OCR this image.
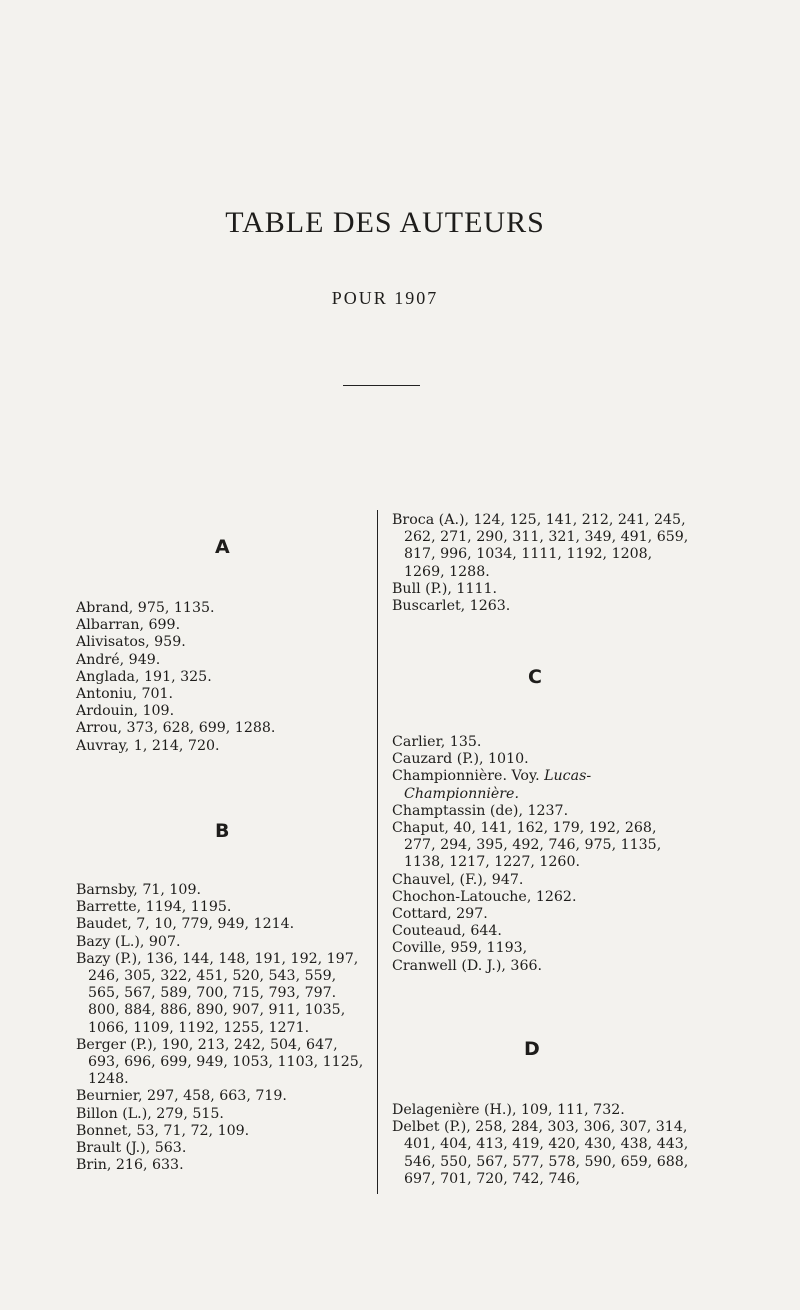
TABLE DES AUTEURS
POUR 1907
A

Abrand, 975, 1135.

Albarran, 699.

Alivisatos, 959.

André, 949.

Anglada, 191, 325.

Antoniu, 701.

Ardouin, 109.

Arrou, 373, 628, 699, 1288.

Auvray, 1, 214, 720.

B

Barnsby, 71, 109.

Barrette, 1194, 1195.

Baudet, 7, 10, 779, 949, 1214.

Bazy (L.), 907.

Bazy (P.), 136, 144, 148, 191, 192, 197, 246, 305, 322, 451, 520, 543, 559, 565, 567, 589, 700, 715, 793, 797. 800, 884, 886, 890, 907, 911, 1035, 1066, 1109, 1192, 1255, 1271.

Berger (P.), 190, 213, 242, 504, 647, 693, 696, 699, 949, 1053, 1103, 1125, 1248.

Beurnier, 297, 458, 663, 719.

Billon (L.), 279, 515.

Bonnet, 53, 71, 72, 109.

Brault (J.), 563.

Brin, 216, 633.

Broca (A.), 124, 125, 141, 212, 241, 245, 262, 271, 290, 311, 321, 349, 491, 659, 817, 996, 1034, 1111, 1192, 1208, 1269, 1288.

Bull (P.), 1111.

Buscarlet, 1263.

C

Carlier, 135.

Cauzard (P.), 1010.

Championnière. Voy. Lucas-Championnière.

Champtassin (de), 1237.

Chaput, 40, 141, 162, 179, 192, 268, 277, 294, 395, 492, 746, 975, 1135, 1138, 1217, 1227, 1260.

Chauvel, (F.), 947.

Chochon-Latouche, 1262.

Cottard, 297.

Couteaud, 644.

Coville, 959, 1193,

Cranwell (D. J.), 366.

D

Delagenière (H.), 109, 111, 732.

Delbet (P.), 258, 284, 303, 306, 307, 314, 401, 404, 413, 419, 420, 430, 438, 443, 546, 550, 567, 577, 578, 590, 659, 688, 697, 701, 720, 742, 746,
